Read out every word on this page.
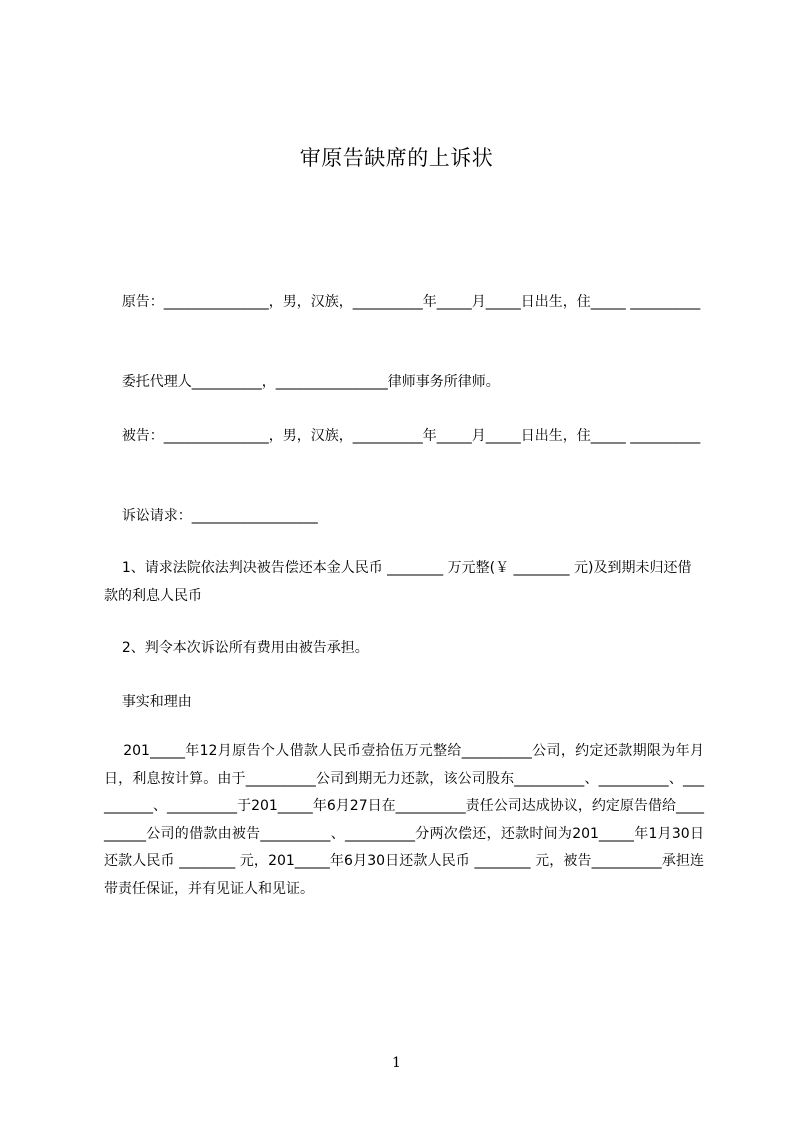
审原告缺席的上诉状
原告：_______________，男，汉族，__________年_____月_____日出生，住_____ __________
委托代理人__________，________________律师事务所律师。
被告：_______________，男，汉族，__________年_____月_____日出生，住_____ __________
诉讼请求：__________________
1、请求法院依法判决被告偿还本金人民币 ________ 万元整(￥ ________ 元)及到期未归还借款的利息人民币
2、判令本次诉讼所有费用由被告承担。
事实和理由
201_____年12月原告个人借款人民币壹拾伍万元整给__________公司，约定还款期限为年月日，利息按计算。由于__________公司到期无力还款，该公司股东__________、__________、__________、__________于201_____年6月27日在__________责任公司达成协议，约定原告借给__________公司的借款由被告__________、__________分两次偿还，还款时间为201_____年1月30日还款人民币 ________ 元，201_____年6月30日还款人民币 ________ 元，被告__________承担连带责任保证，并有见证人和见证。
1
